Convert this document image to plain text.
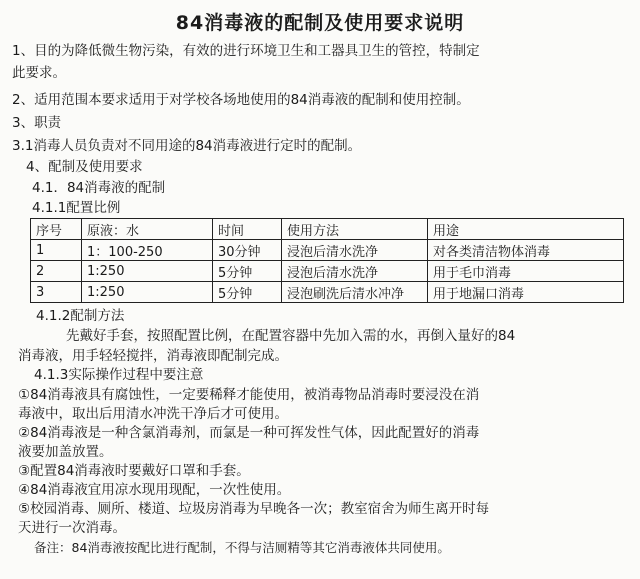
84消毒液的配制及使用要求说明
1、目的为降低微生物污染，有效的进行环境卫生和工器具卫生的管控，特制定
此要求。
2、适用范围本要求适用于对学校各场地使用的84消毒液的配制和使用控制。
3、职责
3.1消毒人员负责对不同用途的84消毒液进行定时的配制。
4、配制及使用要求
4.1．84消毒液的配制
4.1.1配置比例
序号	原液：水	时间	使用方法	用途
1	1：100-250	30分钟	浸泡后清水洗净	对各类清洁物体消毒
2	1:250	5分钟	浸泡后清水洗净	用于毛巾消毒
3	1:250	5分钟	浸泡刷洗后清水冲净	用于地漏口消毒
4.1.2配制方法
先戴好手套，按照配置比例，在配置容器中先加入需的水，再倒入量好的84
消毒液，用手轻轻搅拌，消毒液即配制完成。
4.1.3实际操作过程中要注意
①84消毒液具有腐蚀性，一定要稀释才能使用，被消毒物品消毒时要浸没在消
毒液中，取出后用清水冲洗干净后才可使用。
②84消毒液是一种含氯消毒剂，而氯是一种可挥发性气体，因此配置好的消毒
液要加盖放置。
③配置84消毒液时要戴好口罩和手套。
④84消毒液宜用凉水现用现配，一次性使用。
⑤校园消毒、厕所、楼道、垃圾房消毒为早晚各一次；教室宿舍为师生离开时每
天进行一次消毒。
备注：84消毒液按配比进行配制，不得与洁厕精等其它消毒液体共同使用。
